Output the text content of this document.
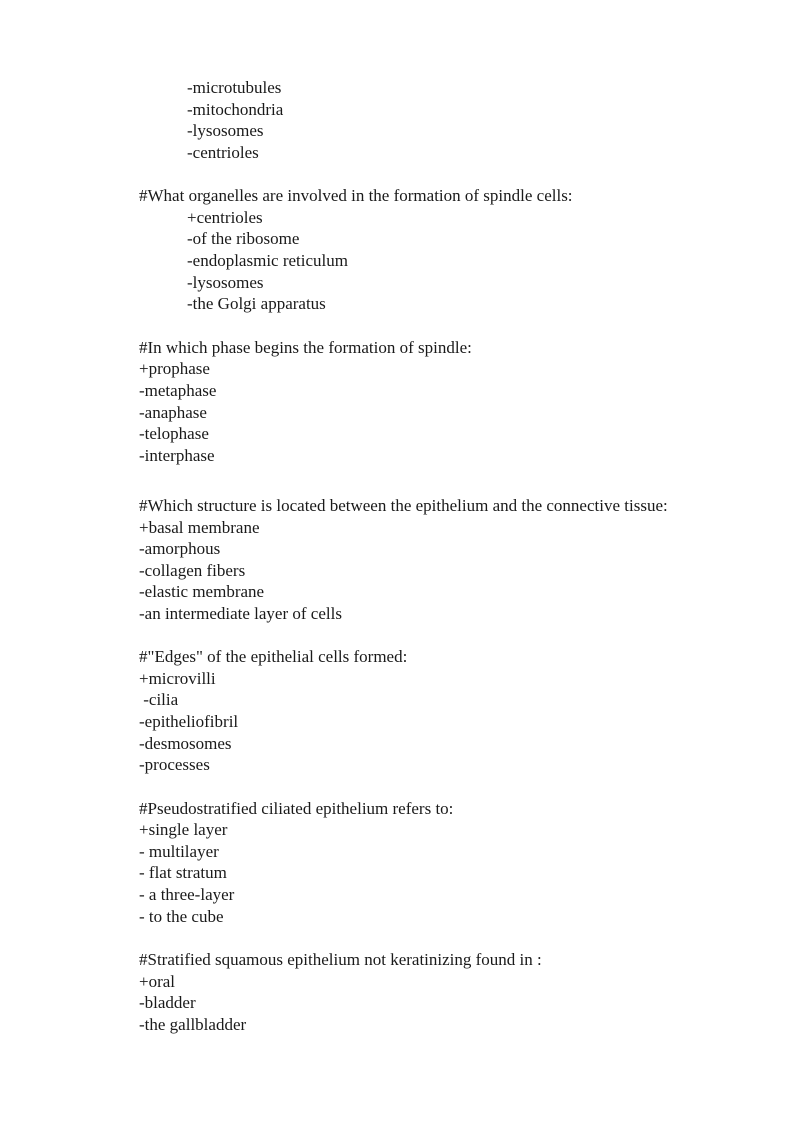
-microtubules
-mitochondria
-lysosomes
-centrioles
#What organelles are involved in the formation of spindle cells:
+centrioles
-of the ribosome
-endoplasmic reticulum
-lysosomes
-the Golgi apparatus
#In which phase begins the formation of spindle:
+prophase
-metaphase
-anaphase
-telophase
-interphase
#Which structure is located between the epithelium and the connective tissue:
+basal membrane
-amorphous
-collagen fibers
-elastic membrane
-an intermediate layer of cells
#"Edges" of the epithelial cells formed:
+microvilli
-cilia
-epitheliofibril
-desmosomes
-processes
#Pseudostratified ciliated epithelium refers to:
+single layer
- multilayer
- flat stratum
- a three-layer
- to the cube
#Stratified squamous epithelium not keratinizing found in :
+oral
-bladder
-the gallbladder
